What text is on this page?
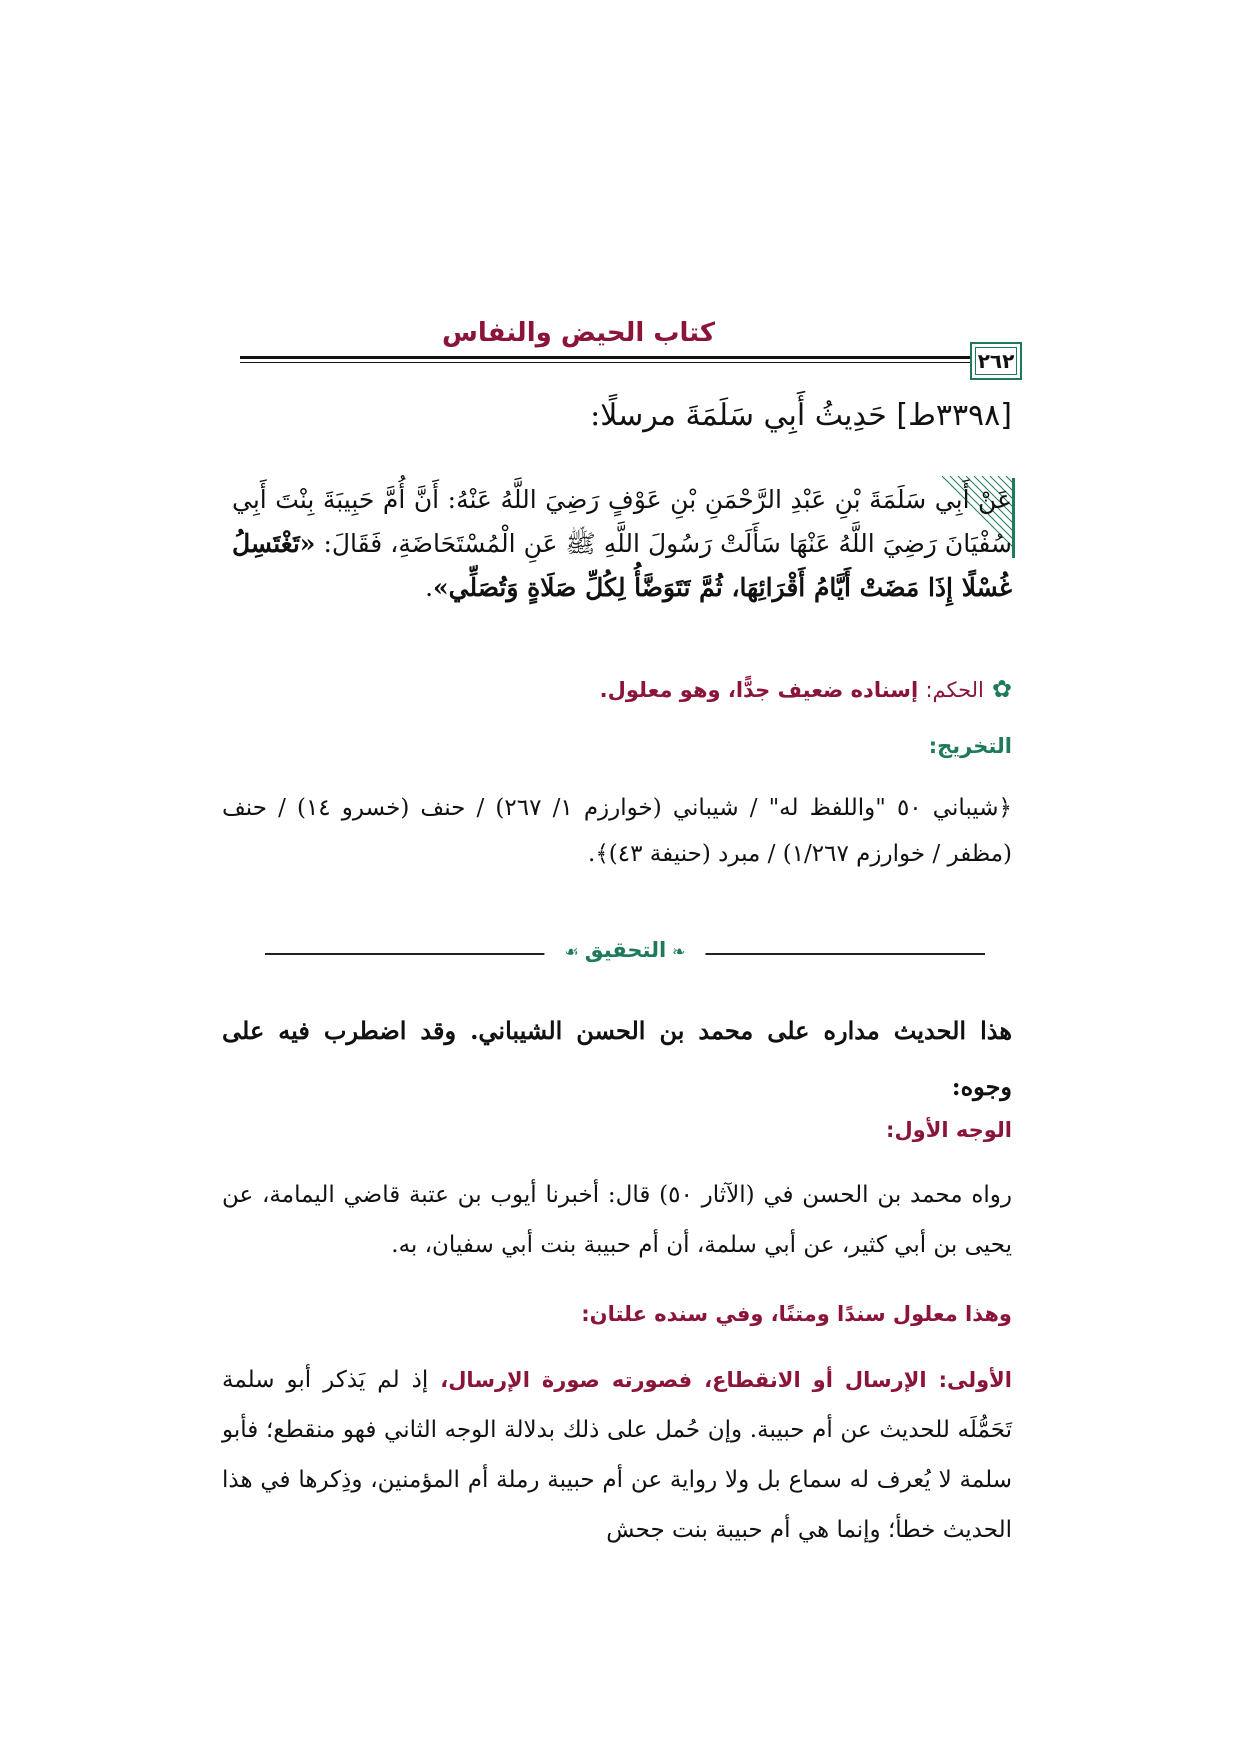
كتاب الحيض والنفاس
٢٦٢
[٣٣٩٨ط] حَدِيثُ أَبِي سَلَمَةَ مرسلًا:
عَنْ أَبِي سَلَمَةَ بْنِ عَبْدِ الرَّحْمَنِ بْنِ عَوْفٍ رَضِيَ اللَّهُ عَنْهُ: أَنَّ أُمَّ حَبِيبَةَ بِنْتَ أَبِي سُفْيَانَ رَضِيَ اللَّهُ عَنْهَا سَأَلَتْ رَسُولَ اللَّهِ ﷺ عَنِ الْمُسْتَحَاضَةِ، فَقَالَ: «تَغْتَسِلُ غُسْلًا إِذَا مَضَتْ أَيَّامُ أَقْرَائِهَا، ثُمَّ تَتَوَضَّأُ لِكُلِّ صَلَاةٍ وَتُصَلِّي».
✿الحكم: إسناده ضعيف جدًّا، وهو معلول.
التخريج:
﴿شيباني ٥٠ "واللفظ له" / شيباني (خوارزم ١/ ٢٦٧) / حنف (خسرو ١٤) / حنف (مظفر / خوارزم ١/٢٦٧) / مبرد (حنيفة ٤٣)﴾.
❧التحقيق☙
هذا الحديث مداره على محمد بن الحسن الشيباني. وقد اضطرب فيه على وجوه:
الوجه الأول:
رواه محمد بن الحسن في (الآثار ٥٠) قال: أخبرنا أيوب بن عتبة قاضي اليمامة، عن يحيى بن أبي كثير، عن أبي سلمة، أن أم حبيبة بنت أبي سفيان، به.
وهذا معلول سندًا ومتنًا، وفي سنده علتان:
الأولى: الإرسال أو الانقطاع، فصورته صورة الإرسال، إذ لم يَذكر أبو سلمة تَحَمُّلَه للحديث عن أم حبيبة. وإن حُمل على ذلك بدلالة الوجه الثاني فهو منقطع؛ فأبو سلمة لا يُعرف له سماع بل ولا رواية عن أم حبيبة رملة أم المؤمنين، وذِكرها في هذا الحديث خطأ؛ وإنما هي أم حبيبة بنت جحش
